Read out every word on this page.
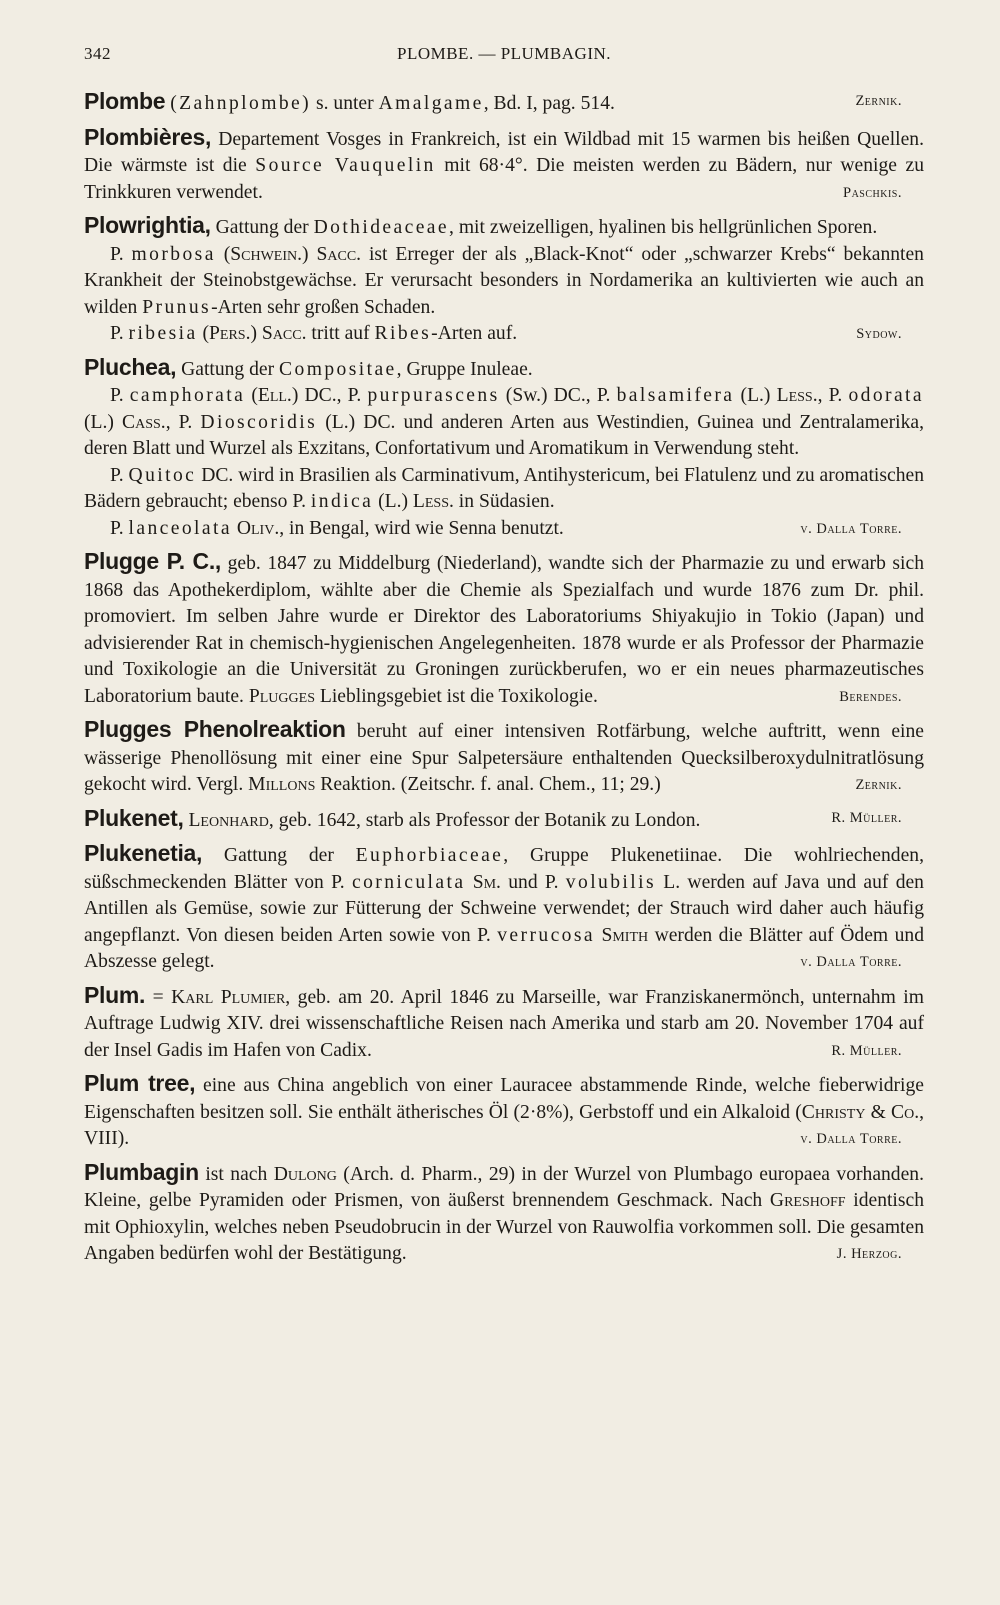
342	PLOMBE. — PLUMBAGIN.

Plombe (Zahnplombe) s. unter Amalgame, Bd. I, pag. 514.	Zernik.

Plombières, Departement Vosges in Frankreich, ist ein Wildbad mit 15 warmen bis heißen Quellen. Die wärmste ist die Source Vauquelin mit 68·4°. Die meisten werden zu Bädern, nur wenige zu Trinkkuren verwendet.	Paschkis.

Plowrightia, Gattung der Dothideaceae, mit zweizelligen, hyalinen bis hellgrünlichen Sporen.

P. morbosa (Schwein.) Sacc. ist Erreger der als „Black-Knot“ oder „schwarzer Krebs“ bekannten Krankheit der Steinobstgewächse. Er verursacht besonders in Nordamerika an kultivierten wie auch an wilden Prunus-Arten sehr großen Schaden.

P. ribesia (Pers.) Sacc. tritt auf Ribes-Arten auf.	Sydow.

Pluchea, Gattung der Compositae, Gruppe Inuleae.

P. camphorata (Ell.) DC., P. purpurascens (Sw.) DC., P. balsamifera (L.) Less., P. odorata (L.) Cass., P. Dioscoridis (L.) DC. und anderen Arten aus Westindien, Guinea und Zentralamerika, deren Blatt und Wurzel als Exzitans, Confortativum und Aromatikum in Verwendung steht.

P. Quitoc DC. wird in Brasilien als Carminativum, Antihystericum, bei Flatulenz und zu aromatischen Bädern gebraucht; ebenso P. indica (L.) Less. in Südasien.

P. lanceolata Oliv., in Bengal, wird wie Senna benutzt.	v. Dalla Torre.

Plugge P. C., geb. 1847 zu Middelburg (Niederland), wandte sich der Pharmazie zu und erwarb sich 1868 das Apothekerdiplom, wählte aber die Chemie als Spezialfach und wurde 1876 zum Dr. phil. promoviert. Im selben Jahre wurde er Direktor des Laboratoriums Shiyakujio in Tokio (Japan) und advisierender Rat in chemisch-hygienischen Angelegenheiten. 1878 wurde er als Professor der Pharmazie und Toxikologie an die Universität zu Groningen zurückberufen, wo er ein neues pharmazeutisches Laboratorium baute. Plugges Lieblingsgebiet ist die Toxikologie.	Berendes.

Plugges Phenolreaktion beruht auf einer intensiven Rotfärbung, welche auftritt, wenn eine wässerige Phenollösung mit einer eine Spur Salpetersäure enthaltenden Quecksilberoxydulnitratlösung gekocht wird. Vergl. Millons Reaktion. (Zeitschr. f. anal. Chem., 11; 29.)	Zernik.

Plukenet, Leonhard, geb. 1642, starb als Professor der Botanik zu London.	R. Müller.

Plukenetia, Gattung der Euphorbiaceae, Gruppe Plukenetiinae. Die wohlriechenden, süßschmeckenden Blätter von P. corniculata Sm. und P. volubilis L. werden auf Java und auf den Antillen als Gemüse, sowie zur Fütterung der Schweine verwendet; der Strauch wird daher auch häufig angepflanzt. Von diesen beiden Arten sowie von P. verrucosa Smith werden die Blätter auf Ödem und Abszesse gelegt.	v. Dalla Torre.

Plum. = Karl Plumier, geb. am 20. April 1846 zu Marseille, war Franziskanermönch, unternahm im Auftrage Ludwig XIV. drei wissenschaftliche Reisen nach Amerika und starb am 20. November 1704 auf der Insel Gadis im Hafen von Cadix.	R. Müller.

Plum tree, eine aus China angeblich von einer Lauracee abstammende Rinde, welche fieberwidrige Eigenschaften besitzen soll. Sie enthält ätherisches Öl (2·8%), Gerbstoff und ein Alkaloid (Christy & Co., VIII).	v. Dalla Torre.

Plumbagin ist nach Dulong (Arch. d. Pharm., 29) in der Wurzel von Plumbago europaea vorhanden. Kleine, gelbe Pyramiden oder Prismen, von äußerst brennendem Geschmack. Nach Greshoff identisch mit Ophioxylin, welches neben Pseudobrucin in der Wurzel von Rauwolfia vorkommen soll. Die gesamten Angaben bedürfen wohl der Bestätigung.	J. Herzog.
